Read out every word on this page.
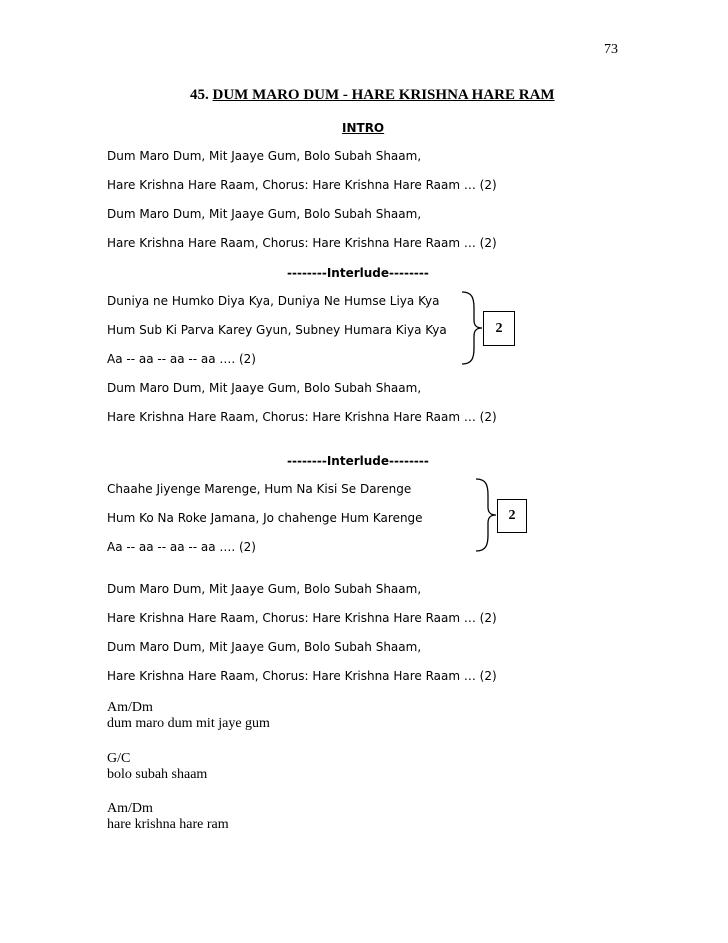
73
45. DUM MARO DUM - HARE KRISHNA HARE RAM
INTRO
Dum Maro Dum, Mit Jaaye Gum, Bolo Subah Shaam,
Hare Krishna Hare Raam, Chorus: Hare Krishna Hare Raam … (2)
Dum Maro Dum, Mit Jaaye Gum, Bolo Subah Shaam,
Hare Krishna Hare Raam, Chorus: Hare Krishna Hare Raam … (2)
--------Interlude--------
Duniya ne Humko Diya Kya, Duniya Ne Humse Liya Kya
Hum Sub Ki Parva Karey Gyun, Subney Humara Kiya Kya
Aa -- aa -- aa -- aa …. (2)
Dum Maro Dum, Mit Jaaye Gum, Bolo Subah Shaam,
Hare Krishna Hare Raam, Chorus: Hare Krishna Hare Raam … (2)
2
--------Interlude--------
Chaahe Jiyenge Marenge, Hum Na Kisi Se Darenge
Hum Ko Na Roke Jamana, Jo chahenge Hum Karenge
Aa -- aa -- aa -- aa …. (2)
2
Dum Maro Dum, Mit Jaaye Gum, Bolo Subah Shaam,
Hare Krishna Hare Raam, Chorus: Hare Krishna Hare Raam … (2)
Dum Maro Dum, Mit Jaaye Gum, Bolo Subah Shaam,
Hare Krishna Hare Raam, Chorus: Hare Krishna Hare Raam … (2)
Am/Dm
dum maro dum mit jaye gum
G/C
bolo subah shaam
Am/Dm
hare krishna hare ram
